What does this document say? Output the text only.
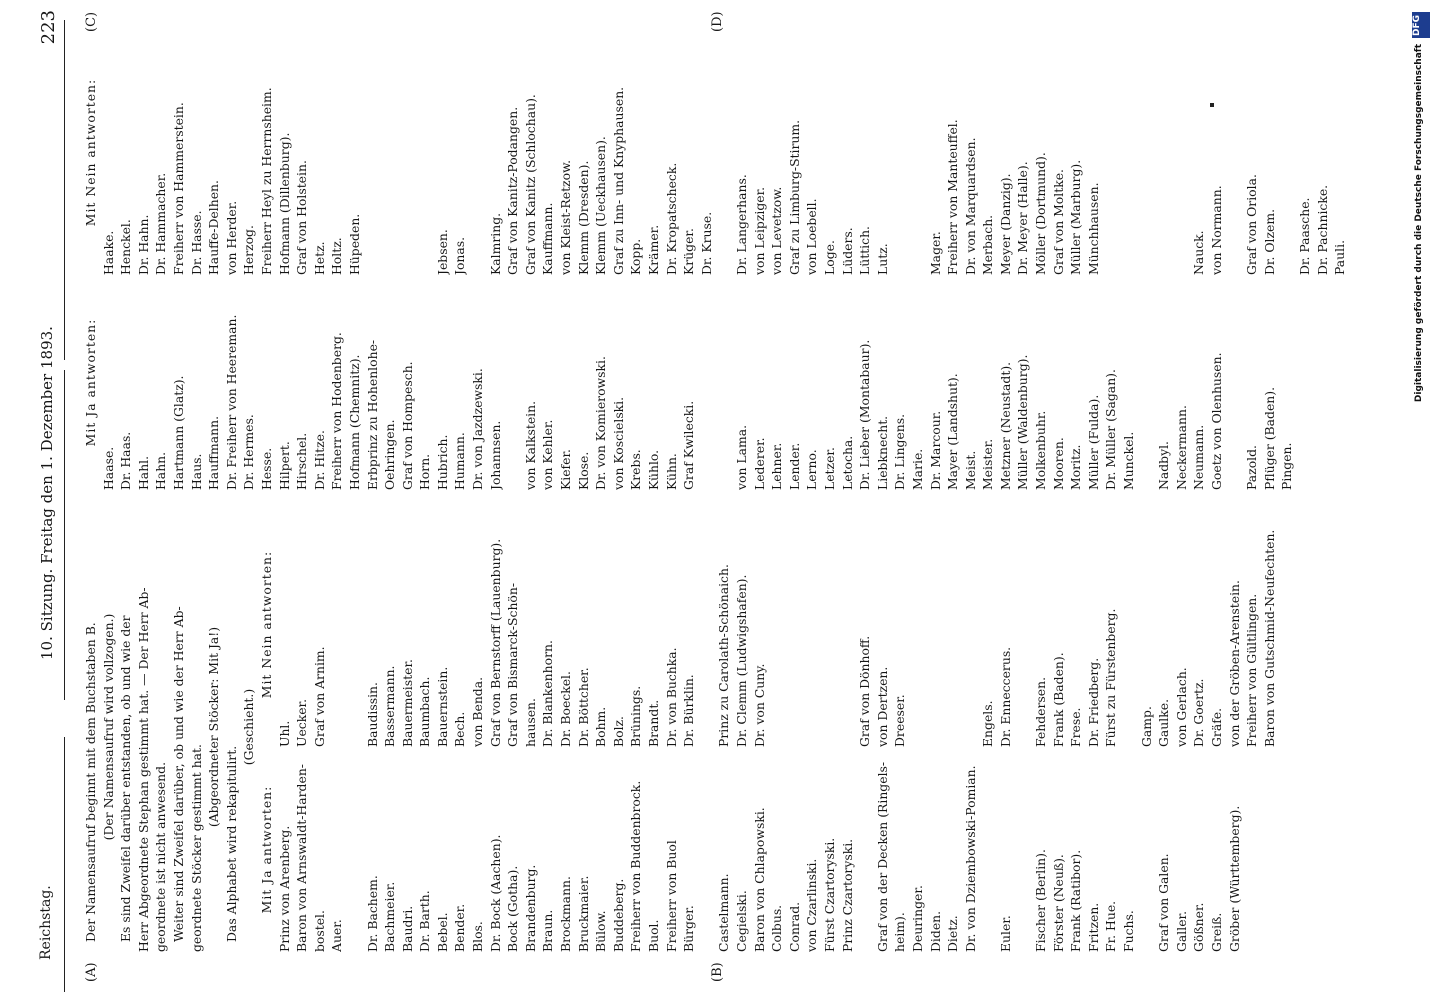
Reichstag.
10. Sitzung. Freitag den 1. Dezember 1893.
223
(A)	(B)
(C)	(D)
Der Namensaufruf beginnt mit dem Buchstaben B. (Der Namensaufruf wird vollzogen.) Es sind Zweifel darüber entstanden, ob und wie der Herr Abgeordnete Stephan gestimmt hat. — Der Herr Ab- geordnete ist nicht anwesend. Weiter sind Zweifel darüber, ob und wie der Herr Ab- geordnete Stöcker gestimmt hat.
(Abgeordneter Stöcker: Mit Ja!)
Das Alphabet wird rekapitulirt.
(Geschieht.)
Mit Ja antworten: Prinz von Arenberg. Baron von Arnswaldt-Harden- bostel. Auer. Dr. Bachem. Bachmeier. Baudri. Dr. Barth. Bebel. Bender. Blos. Dr. Bock (Aachen). Bock (Gotha). Brandenburg. Braun. Brockmann. Bruckmaier. Bülow. Buddeberg. Freiherr von Buddenbrock. Buol. Freiherr von Buol Bürger. Castelmann. Cegielski. Baron von Chlapowski. Colbus. Conrad. von Czarlinski. Fürst Czartoryski. Prinz Czartoryski. Graf von der Decken (Ringels- heim). Deuringer. Diden. Dietz. Dr. von Dziembowski-Pomian. Euler. Fischer (Berlin). Förster (Neuß). Frank (Ratibor). Fritzen. Fr. Hue. Fuchs. Graf von Galen. Galler. Gößner. Greiß. Gröber (Württemberg).
Mit Nein antworten:
Uhl. Uecker. Graf von Arnim.	Baudissin. Bassermann. Bauermeister. Baumbach. Bauernstein. Bech. von Benda. Graf von Bernstorff (Lauenburg). Graf von Bismarck-Schön- hausen. Dr. Blankenhorn. Dr. Boeckel. Dr. Böttcher. Bohm. Bolz. Brünings. Brandt. Dr. von Buchka. Dr. Bürklin. Prinz zu Carolath-Schönaich. Dr. Clemm (Ludwigshafen). Dr. von Cuny.	Graf von Dönhoff. von Dertzen. Dreeser.	Engels. Dr. Enneccerus. Fehdersen. Frank (Baden). Frese. Dr. Friedberg. Fürst zu Fürstenberg. Gamp. Gaulke. von Gerlach. Dr. Goertz. Gräfe. von der Gröben-Arenstein. Freiherr von Gültlingen. Baron von Gutschmid-Neufechten.
Mit Ja antworten:
Haase. Dr. Haas. Hahl. Hahn. Hartmann (Glatz). Haus. Hauffmann. Dr. Freiherr von Heereman. Dr. Hermes. Hesse. Hilpert. Hirschel. Dr. Hitze. Freiherr von Hodenberg. Hofmann (Chemnitz). Erbprinz zu Hohenlohe- Oehringen. Graf von Hompesch. Horn. Hubrich. Humann. Dr. von Jazdzewski. Johannsen. von Kalkstein. von Kehler. Kiefer. Klose. Dr. von Komierowski. von Koscielski. Krebs. Kühlo. Kühn. Graf Kwilecki.	von Lama. Lederer. Lehner. Lender. Lerno. Letzer. Letocha. Dr. Lieber (Montabaur). Liebknecht. Dr. Lingens. Marie. Dr. Marcour. Mayer (Landshut). Meist. Meister. Metzner (Neustadt). Müller (Waldenburg). Molkenbuhr. Mooren. Moritz. Müller (Fulda). Dr. Müller (Sagan). Munckel. Nadbyl. Neckermann. Neumann. Goetz von Olenhusen. Pazold. Pflüger (Baden). Pingen.
Mit Nein antworten:
Haake. Henckel. Dr. Hahn. Dr. Hammacher. Freiherr von Hammerstein. Dr. Hasse. Hauffe-Delhen. von Herder. Herzog. Freiherr Heyl zu Herrnsheim. Hofmann (Dillenburg). Graf von Holstein. Hetz. Holtz. Hüpeden.	Jebsen. Jonas. Kalmring. Graf von Kanitz-Podangen. Graf von Kanitz (Schlochau). Kauffmann. von Kleist-Retzow. Klemm (Dresden). Klemm (Ueckhausen). Graf zu Inn- und Knyphausen. Kopp. Krämer. Dr. Kropatscheck. Krüger. Dr. Kruse. Dr. Langerhans. von Leipziger. von Levetzow. Graf zu Limburg-Stirum. von Loebell. Loge. Lüders. Lüttich. Lutz.	Mager. Freiherr von Manteuffel. Dr. von Marquardsen. Merbach. Meyer (Danzig). Dr. Meyer (Halle). Möller (Dortmund). Graf von Moltke. Müller (Marburg). Münchhausen.	Nauck. von Normann. Graf von Oriola. Dr. Olzem. Dr. Paasche. Dr. Pachnicke. Pauli.
DFG
Digitalisierung gefördert durch die Deutsche Forschungsgemeinschaft
